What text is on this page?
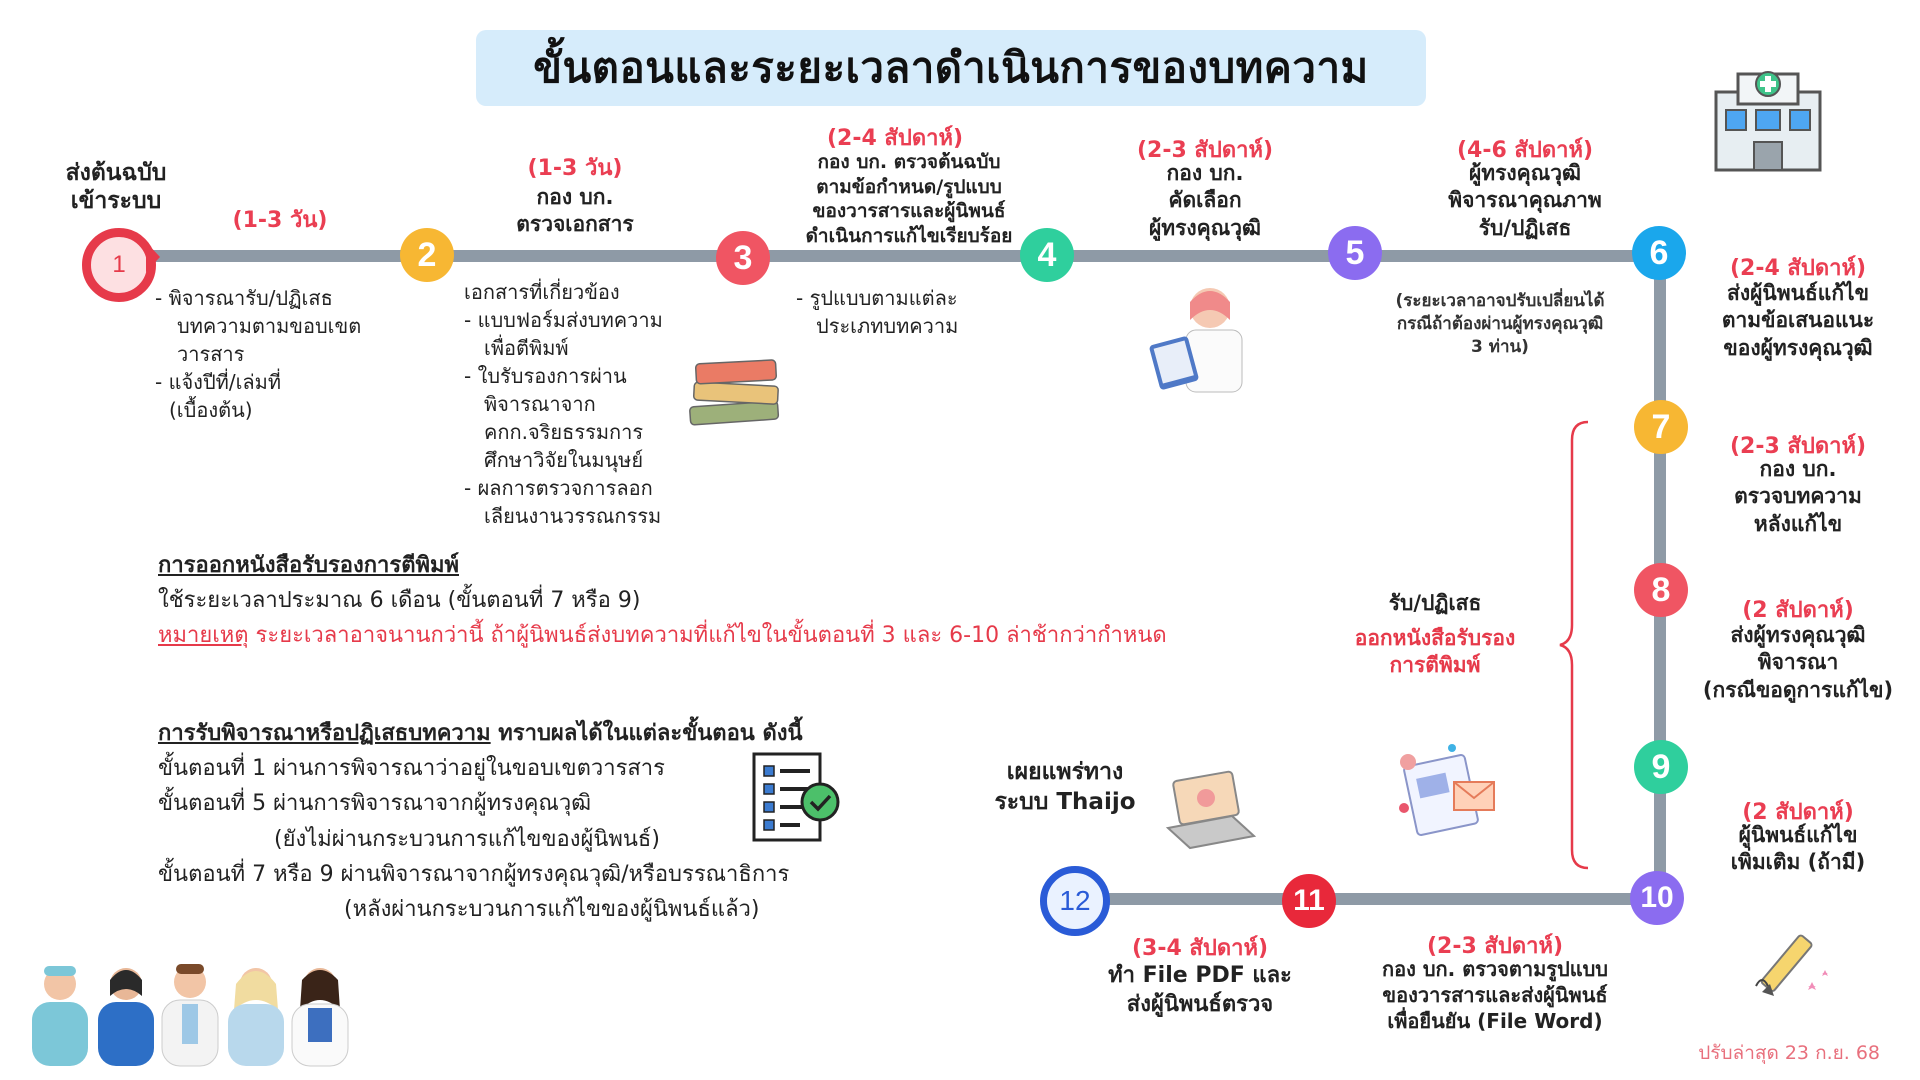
ขั้นตอนและระยะเวลาดำเนินการของบทความ
1	2	3	4	5	6
7
8
9
10
11
12
ส่งต้นฉบับ
เข้าระบบ
(1-3 วัน)
(1-3 วัน)
กอง บก.
ตรวจเอกสาร
(2-4 สัปดาห์)
กอง บก. ตรวจต้นฉบับ
ตามข้อกำหนด/รูปแบบ
ของวารสารและผู้นิพนธ์
ดำเนินการแก้ไขเรียบร้อย
(2-3 สัปดาห์)
กอง บก.
คัดเลือก
ผู้ทรงคุณวุฒิ
(4-6 สัปดาห์)
ผู้ทรงคุณวุฒิ
พิจารณาคุณภาพ
รับ/ปฏิเสธ
(2-4 สัปดาห์)
ส่งผู้นิพนธ์แก้ไข
ตามข้อเสนอแนะ
ของผู้ทรงคุณวุฒิ
(2-3 สัปดาห์)
กอง บก.
ตรวจบทความ
หลังแก้ไข
(2 สัปดาห์)
ส่งผู้ทรงคุณวุฒิ
พิจารณา
(กรณีขอดูการแก้ไข)
(2 สัปดาห์)
ผู้นิพนธ์แก้ไข
เพิ่มเติม (ถ้ามี)
(2-3 สัปดาห์)
กอง บก. ตรวจตามรูปแบบ
ของวารสารและส่งผู้นิพนธ์
เพื่อยืนยัน (File Word)
(3-4 สัปดาห์)
ทำ File PDF และ
ส่งผู้นิพนธ์ตรวจ
- พิจารณารับ/ปฏิเสธ
บทความตามขอบเขต
วารสาร
- แจ้งปีที่/เล่มที่
(เบื้องต้น)
เอกสารที่เกี่ยวข้อง
- แบบฟอร์มส่งบทความ
เพื่อตีพิมพ์
- ใบรับรองการผ่าน
พิจารณาจาก
คกก.จริยธรรมการ
ศึกษาวิจัยในมนุษย์
- ผลการตรวจการลอก
เลียนงานวรรณกรรม
- รูปแบบตามแต่ละ
ประเภทบทความ
(ระยะเวลาอาจปรับเปลี่ยนได้
กรณีถ้าต้องผ่านผู้ทรงคุณวุฒิ
3 ท่าน)
รับ/ปฏิเสธ
ออกหนังสือรับรอง
การตีพิมพ์
เผยแพร่ทาง
ระบบ Thaijo
การออกหนังสือรับรองการตีพิมพ์
ใช้ระยะเวลาประมาณ 6 เดือน (ขั้นตอนที่ 7 หรือ 9)
หมายเหตุ ระยะเวลาอาจนานกว่านี้ ถ้าผู้นิพนธ์ส่งบทความที่แก้ไขในขั้นตอนที่ 3 และ 6-10 ล่าช้ากว่ากำหนด
การรับพิจารณาหรือปฏิเสธบทความ ทราบผลได้ในแต่ละขั้นตอน ดังนี้
ขั้นตอนที่ 1 ผ่านการพิจารณาว่าอยู่ในขอบเขตวารสาร
ขั้นตอนที่ 5 ผ่านการพิจารณาจากผู้ทรงคุณวุฒิ
(ยังไม่ผ่านกระบวนการแก้ไขของผู้นิพนธ์)
ขั้นตอนที่ 7 หรือ 9 ผ่านพิจารณาจากผู้ทรงคุณวุฒิ/หรือบรรณาธิการ
(หลังผ่านกระบวนการแก้ไขของผู้นิพนธ์แล้ว)
ปรับล่าสุด 23 ก.ย. 68
